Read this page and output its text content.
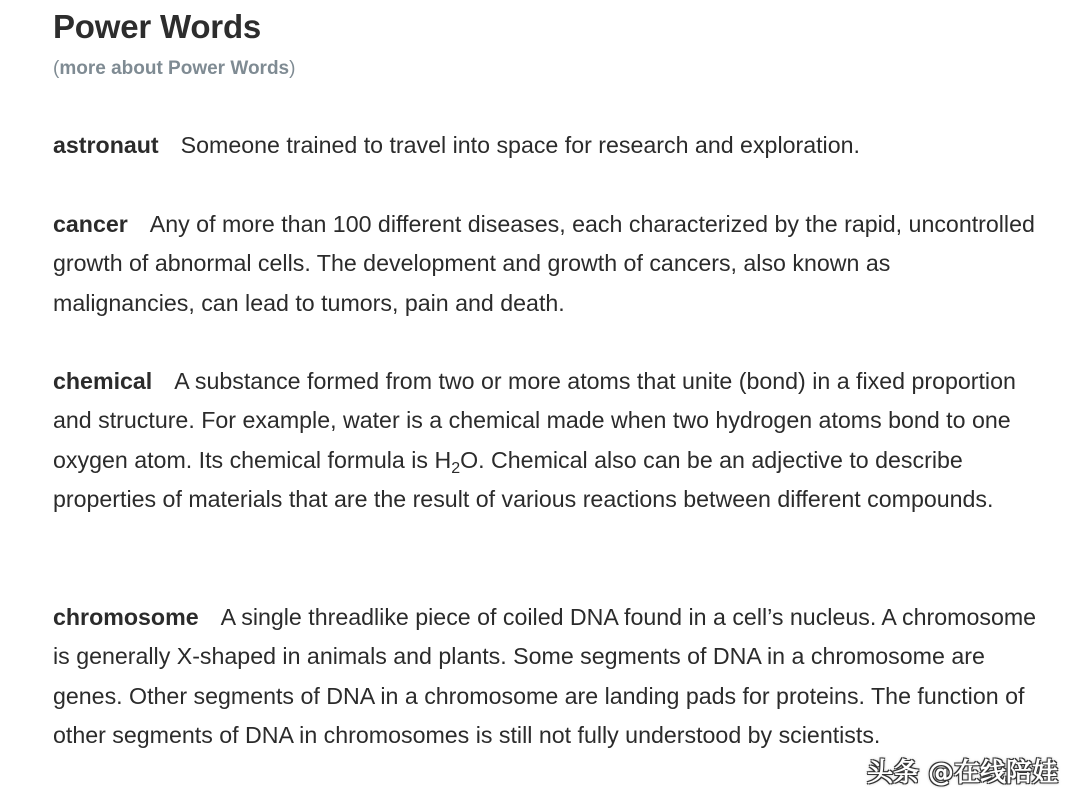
Power Words
(more about Power Words)

astronaut Someone trained to travel into space for research and exploration.

cancer Any of more than 100 different diseases, each characterized by the rapid, uncontrolled growth of abnormal cells. The development and growth of cancers, also known as malignancies, can lead to tumors, pain and death.

chemical A substance formed from two or more atoms that unite (bond) in a fixed proportion and structure. For example, water is a chemical made when two hydrogen atoms bond to one oxygen atom. Its chemical formula is $H_2O$. Chemical also can be an adjective to describe properties of materials that are the result of various reactions between different compounds.

chromosome A single threadlike piece of coiled DNA found in a cell’s nucleus. A chromosome is generally X-shaped in animals and plants. Some segments of DNA in a chromosome are genes. Other segments of DNA in a chromosome are landing pads for proteins. The function of other segments of DNA in chromosomes is still not fully understood by scientists.

头条 @在线陪娃
